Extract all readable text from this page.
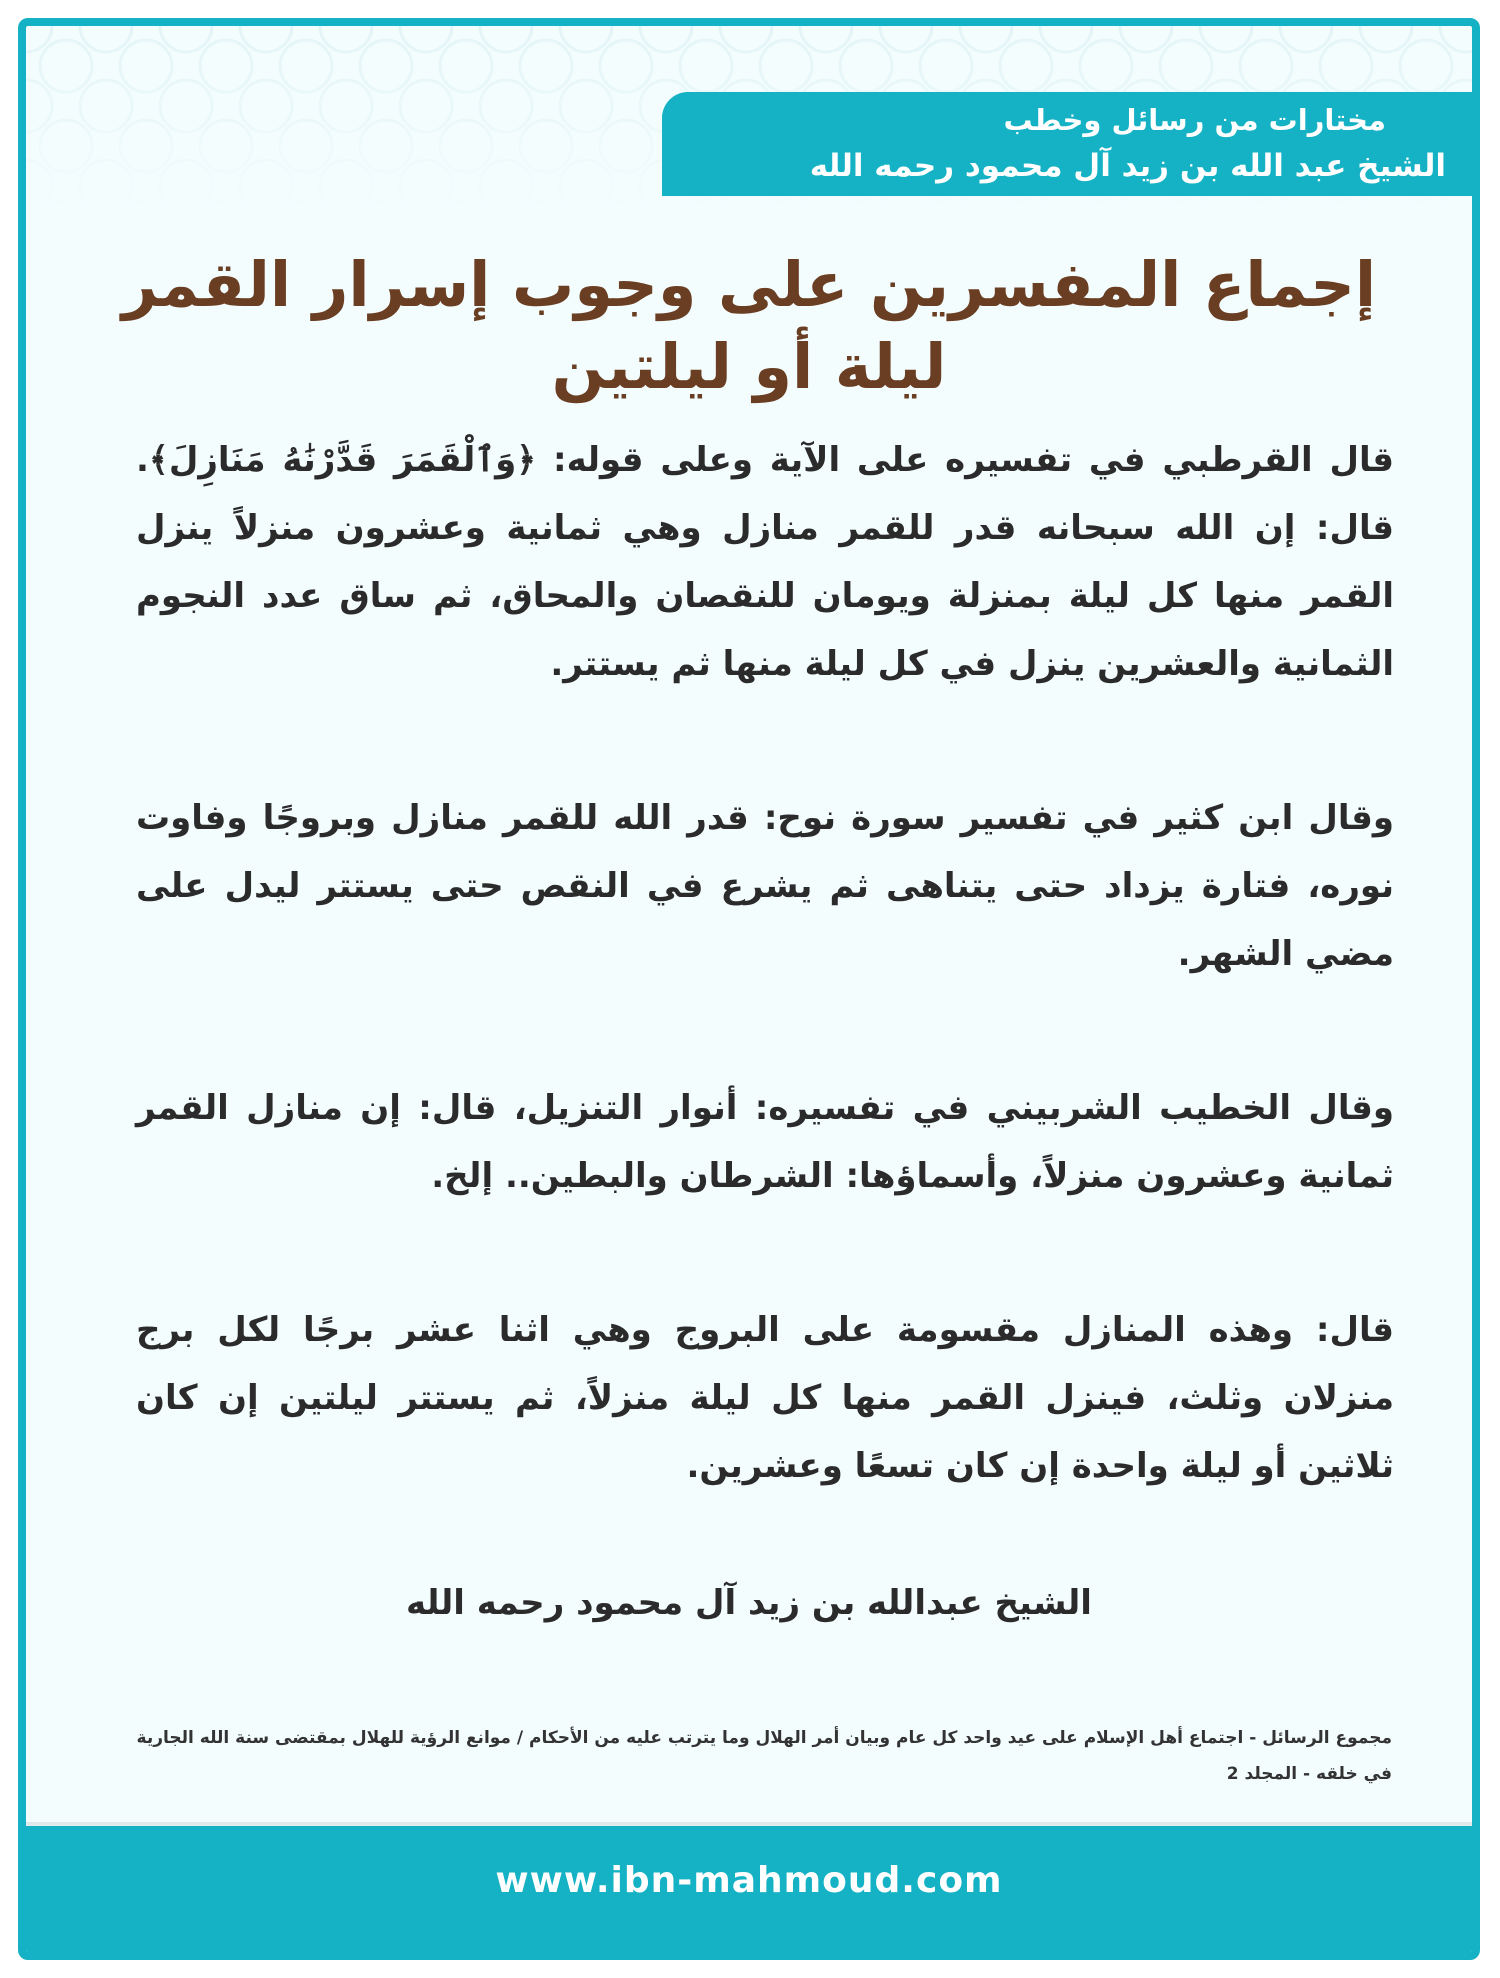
مختارات من رسائل وخطب
الشيخ عبد الله بن زيد آل محمود رحمه الله
إجماع المفسرين على وجوب إسرار القمر ليلة أو ليلتين

قال القرطبي في تفسيره على الآية وعلى قوله: ﴿وَٱلْقَمَرَ قَدَّرْنَٰهُ مَنَازِلَ﴾. قال: إن الله سبحانه قدر للقمر منازل وهي ثمانية وعشرون منزلاً ينزل القمر منها كل ليلة بمنزلة ويومان للنقصان والمحاق، ثم ساق عدد النجوم الثمانية والعشرين ينزل في كل ليلة منها ثم يستتر.

وقال ابن كثير في تفسير سورة نوح: قدر الله للقمر منازل وبروجًا وفاوت نوره، فتارة يزداد حتى يتناهى ثم يشرع في النقص حتى يستتر ليدل على مضي الشهر.

وقال الخطيب الشربيني في تفسيره: أنوار التنزيل، قال: إن منازل القمر ثمانية وعشرون منزلاً، وأسماؤها: الشرطان والبطين.. إلخ.

قال: وهذه المنازل مقسومة على البروج وهي اثنا عشر برجًا لكل برج منزلان وثلث، فينزل القمر منها كل ليلة منزلاً، ثم يستتر ليلتين إن كان ثلاثين أو ليلة واحدة إن كان تسعًا وعشرين.

الشيخ عبدالله بن زيد آل محمود رحمه الله
مجموع الرسائل - اجتماع أهل الإسلام على عيد واحد كل عام وبيان أمر الهلال وما يترتب عليه من الأحكام / موانع الرؤية للهلال بمقتضى سنة الله الجارية في خلقه - المجلد 2
www.ibn-mahmoud.com
